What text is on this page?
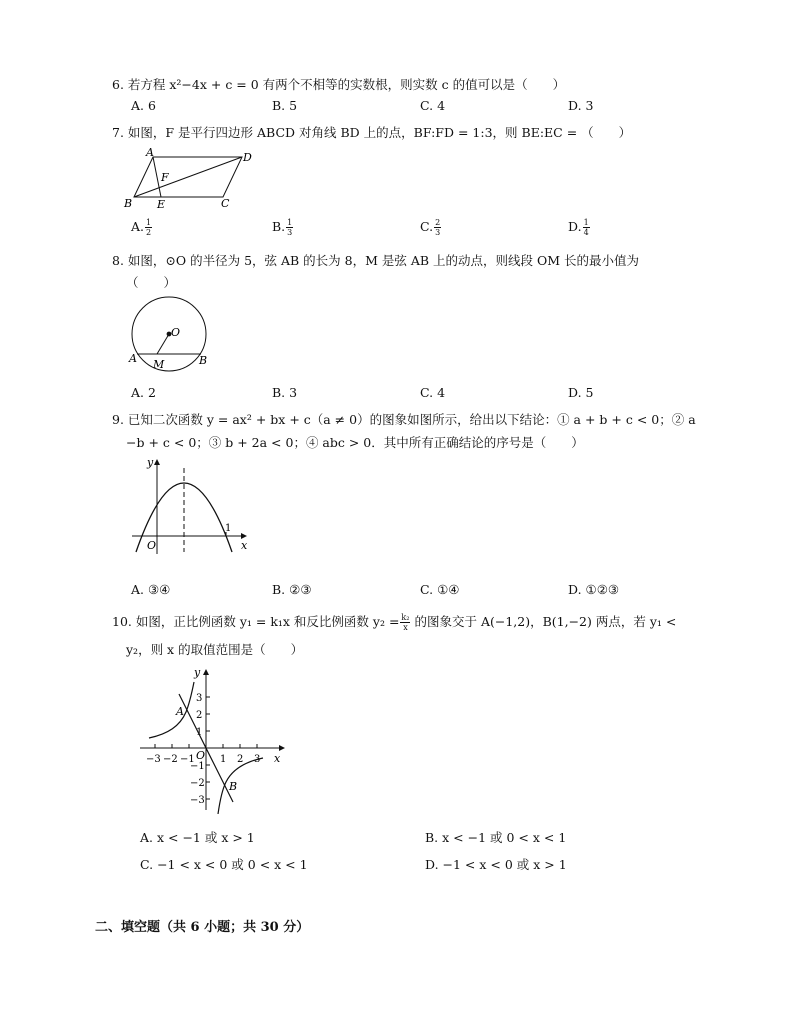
6. 若方程 x²−4x + c = 0 有两个不相等的实数根，则实数 c 的值可以是（　　）
A. 6	B. 5	C. 4	D. 3
7. 如图，F 是平行四边形 ABCD 对角线 BD 上的点，BF:FD = 1:3，则 BE:EC = （　　）
A	D
F
B E	C
A. $\frac{1}{2}$	B. $\frac{1}{3}$	C. $\frac{2}{3}$	D. $\frac{1}{4}$
8. 如图，⊙O 的半径为 5，弦 AB 的长为 8，M 是弦 AB 上的动点，则线段 OM 长的最小值为
（　　）
O
A M	B
A. 2	B. 3	C. 4	D. 5
9. 已知二次函数 y = ax² + bx + c（a ≠ 0）的图象如图所示，给出以下结论：① a + b + c < 0；② a
−b + c < 0；③ b + 2a < 0；④ abc > 0．其中所有正确结论的序号是（　　）
y
O
1
x
A. ③④	B. ②③	C. ①④	D. ①②③
10. 如图，正比例函数 y₁ = k₁x 和反比例函数 $y_2 = \frac{\text{k₂}}{x}$ 的图象交于 A(−1,2)，B(1,−2) 两点，若 y₁ <
y₂，则 x 的取值范围是（　　）
y
x
O
A
B
−3 −2 −1	1 2 3
3
2
1
−1
−2
−3
A. x < −1 或 x > 1	B. x < −1 或 0 < x < 1
C. −1 < x < 0 或 0 < x < 1	D. −1 < x < 0 或 x > 1
二、填空题（共 6 小题；共 30 分）
